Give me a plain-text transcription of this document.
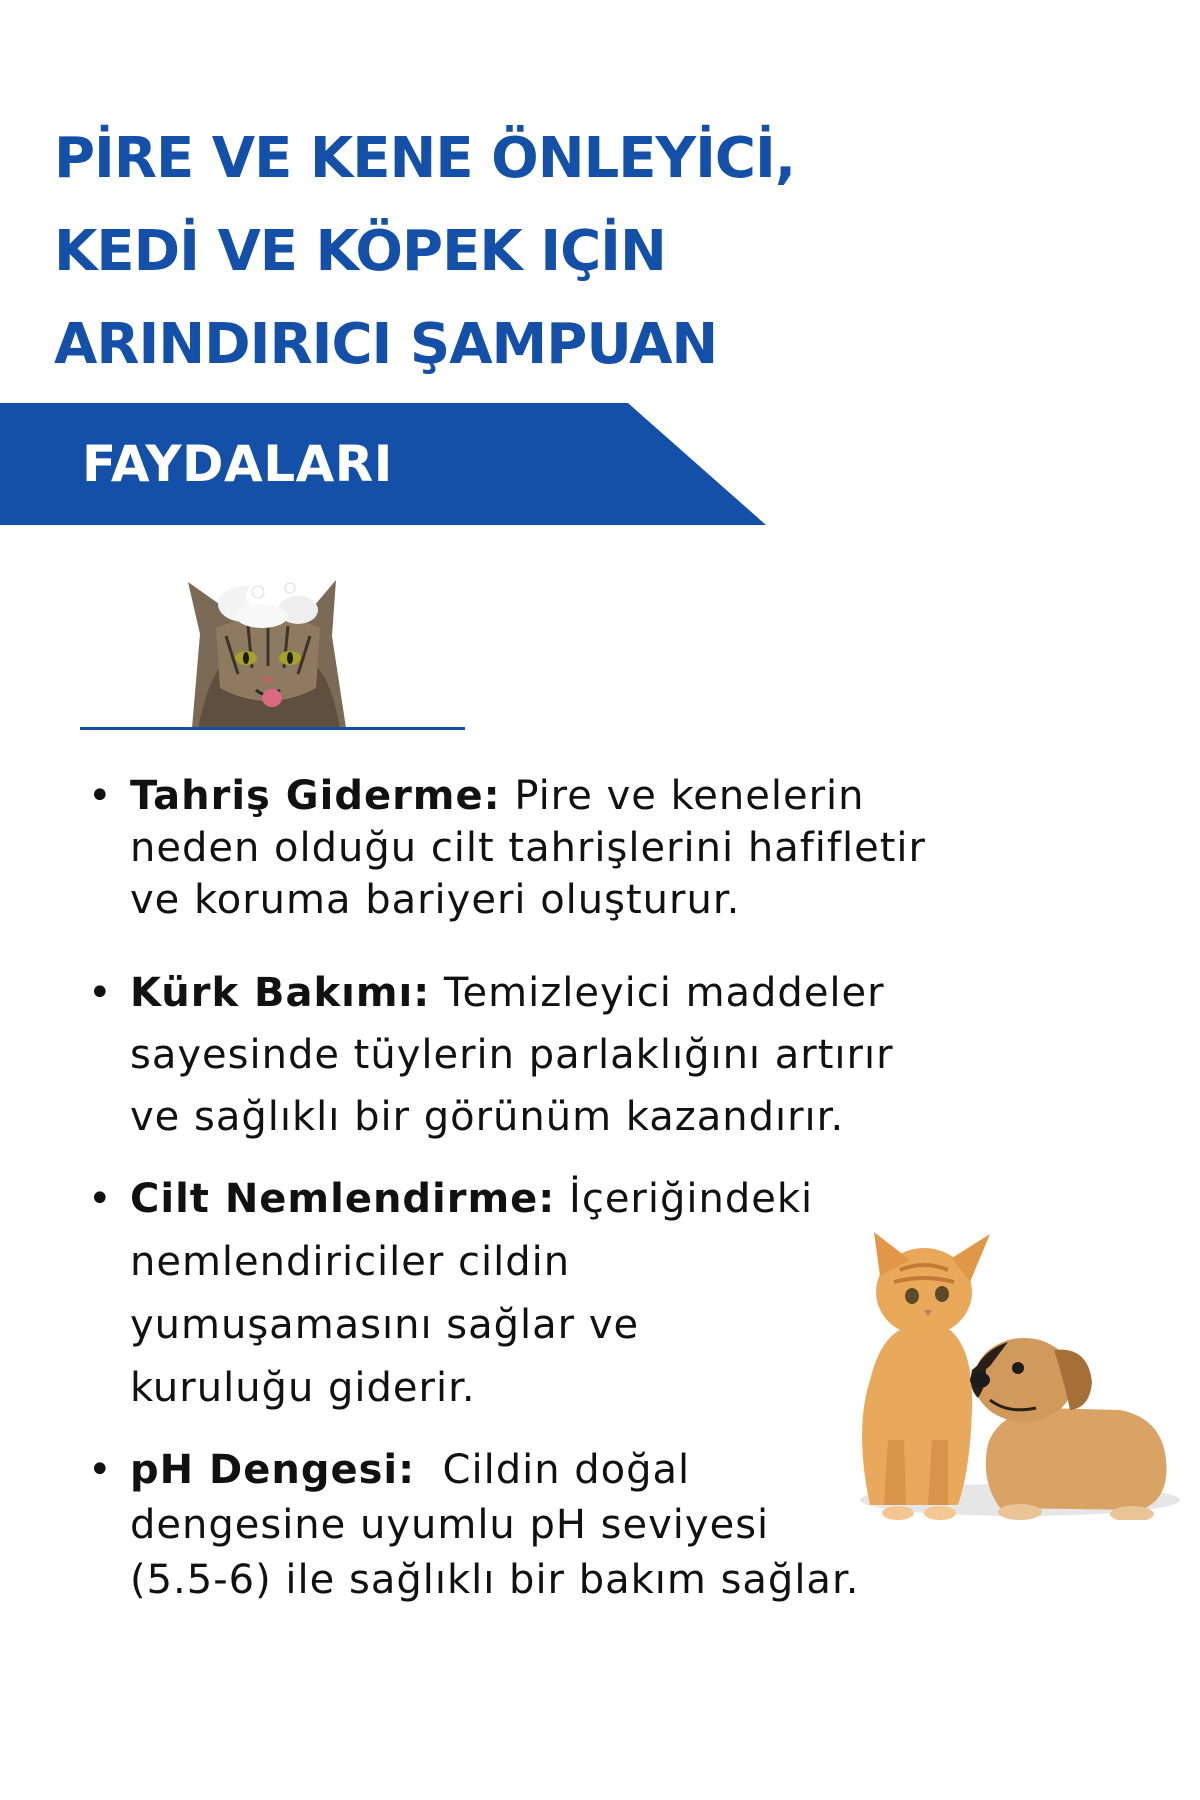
PİRE VE KENE ÖNLEYİCİ,
KEDİ VE KÖPEK IÇİN
ARINDIRICI ŞAMPUAN
FAYDALARI
• Tahriş Giderme: Pire ve kenelerin
neden olduğu cilt tahrişlerini hafifletir
ve koruma bariyeri oluşturur.
• Kürk Bakımı: Temizleyici maddeler
sayesinde tüylerin parlaklığını artırır
ve sağlıklı bir görünüm kazandırır.
• Cilt Nemlendirme: İçeriğindeki
nemlendiriciler cildin
yumuşamasını sağlar ve
kuruluğu giderir.
• pH Dengesi:  Cildin doğal
dengesine uyumlu pH seviyesi
(5.5-6) ile sağlıklı bir bakım sağlar.
